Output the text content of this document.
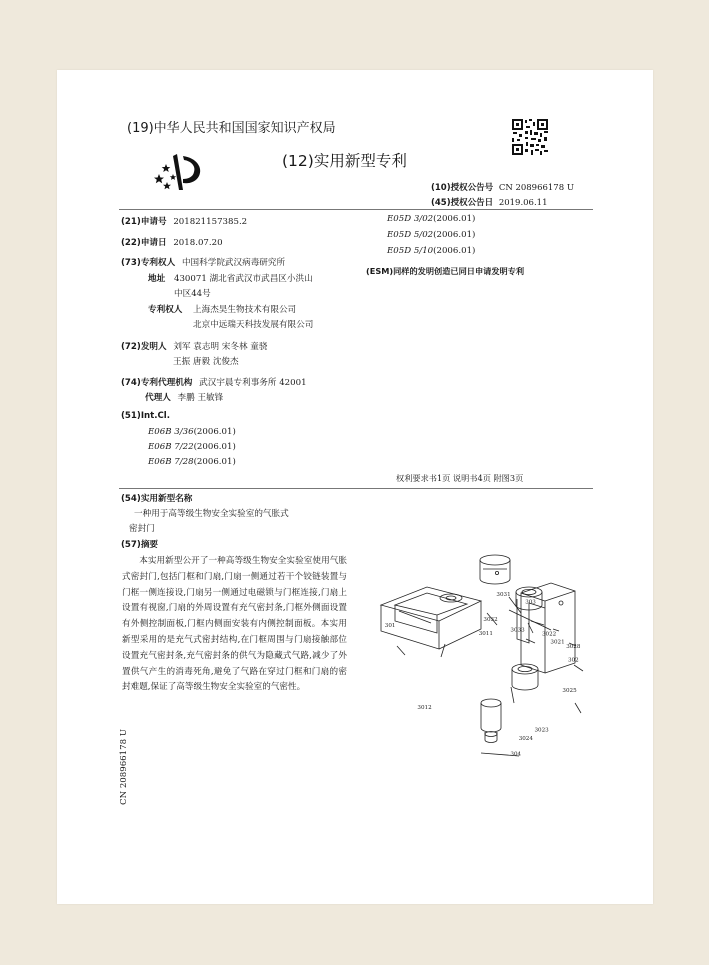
(19)中华人民共和国国家知识产权局
(12)实用新型专利
(10)授权公告号 CN 208966178 U
(45)授权公告日 2019.06.11
(21)申请号 201821157385.2
(22)申请日 2018.07.20
(73)专利权人 中国科学院武汉病毒研究所
地址 430071 湖北省武汉市武昌区小洪山
中区44号
专利权人 上海杰昊生物技术有限公司
北京中远瑞天科技发展有限公司
(72)发明人 刘军 袁志明 宋冬林 童骁
王振 唐毅 沈俊杰
(74)专利代理机构 武汉宇晨专利事务所 42001
代理人 李鹏 王敏锋
(51)Int.Cl.
E06B 3/36(2006.01)
E06B 7/22(2006.01)
E06B 7/28(2006.01)
E05D 3/02(2006.01)
E05D 5/02(2006.01)
E05D 5/10(2006.01)
(ESM)同样的发明创造已同日申请发明专利
权利要求书1页 说明书4页 附图3页
(54)实用新型名称
一种用于高等级生物安全实验室的气胀式
密封门
(57)摘要
本实用新型公开了一种高等级生物安全实验室使用气胀式密封门,包括门框和门扇,门扇一侧通过若干个铰链装置与门框一侧连接设,门扇另一侧通过电磁锁与门框连接,门扇上设置有视窗,门扇的外周设置有充气密封条,门框外侧面设置有外侧控制面板,门框内侧面安装有内侧控制面板。本实用新型采用的是充气式密封结构,在门框周围与门扇接触部位设置充气密封条,充气密封条的供气为隐藏式气路,减少了外置供气产生的消毒死角,避免了气路在穿过门框和门扇的密封难题,保证了高等级生物安全实验室的气密性。
CN 208966178 U
3031
303
3032
3033
301
3011	3022
3021
3028
302
3025
3012
3023
3024
304
